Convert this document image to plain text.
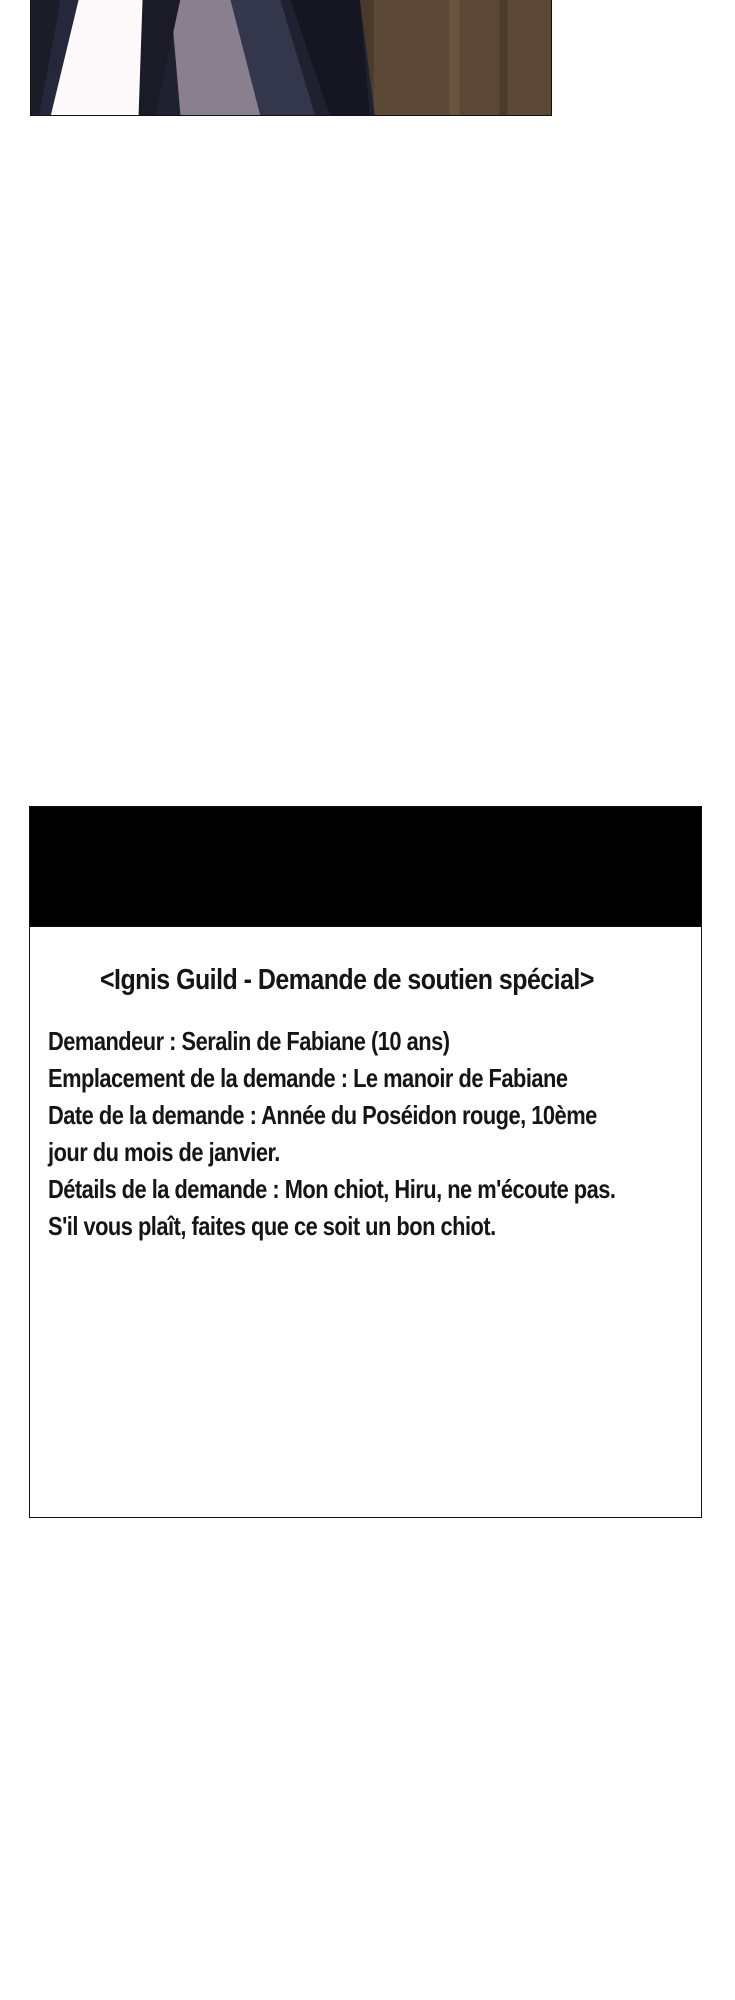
<Ignis Guild - Demande de soutien spécial>
Demandeur : Seralin de Fabiane (10 ans)
Emplacement de la demande : Le manoir de Fabiane
Date de la demande : Année du Poséidon rouge, 10ème
jour du mois de janvier.
Détails de la demande : Mon chiot, Hiru, ne m'écoute pas.
S'il vous plaît, faites que ce soit un bon chiot.
